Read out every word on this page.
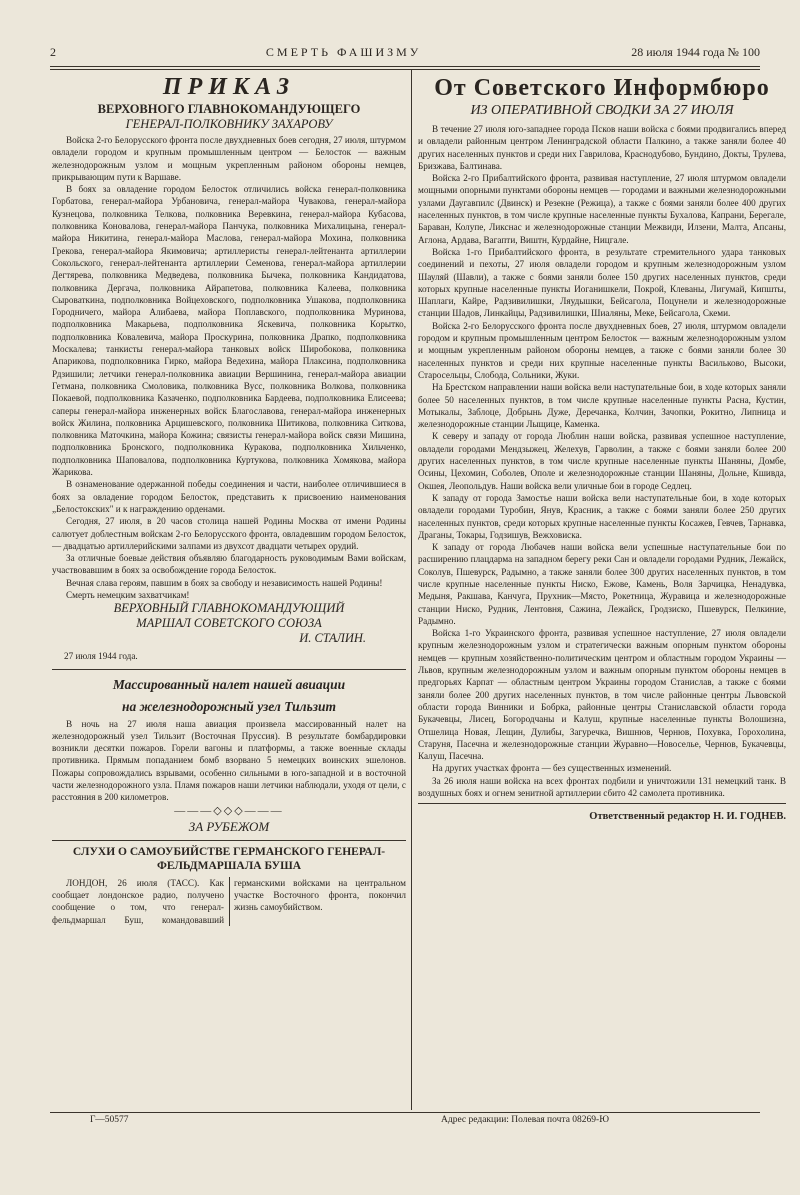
2	СМЕРТЬ ФАШИЗМУ	28 июля 1944 года № 100
ПРИКАЗ
ВЕРХОВНОГО ГЛАВНОКОМАНДУЮЩЕГО
ГЕНЕРАЛ-ПОЛКОВНИКУ ЗАХАРОВУ

Войска 2-го Белорусского фронта после двухдневных боев сегодня, 27 июля, штурмом овладели городом и крупным промышленным центром — Белосток — важным железнодорожным узлом и мощным укрепленным районом обороны немцев, прикрывающим пути к Варшаве.

В боях за овладение городом Белосток отличились войска генерал-полковника Горбатова, генерал-майора Урбановича, генерал-майора Чуваковa, генерал-майора Кузнецова, полковника Телкова, полковника Веревкина, генерал-майора Кубасова, полковника Коновалова, генерал-майора Панчука, полковника Михалицына, генерал-майора Никитина, генерал-майора Маслова, генерал-майора Мохина, полковника Грекова, генерал-майора Якимовича; артиллеристы генерал-лейтенанта артиллерии Сокольского, генерал-лейтенанта артиллерии Семенова, генерал-майора артиллерии Дегтярева, полковника Медведева, полковника Бычека, полковника Кандидатова, полковника Дергача, полковника Айрапетова, полковника Калеева, полковника Сыроваткина, подполковника Войцеховского, подполковника Ушакова, подполковника Городничего, майора Алибаева, майора Поплавского, подполковника Муриновa, подполковника Макарьева, подполковника Яскевича, полковника Корытко, подполковника Ковалевича, майора Проскурина, полковника Драпко, подполковника Москалева; танкисты генерал-майора танковых войск Широбокова, полковника Апарикова, подполковника Гирко, майора Ведехина, майора Плаксина, подполковника Рдзишили; летчики генерал-полковника авиации Вершинина, генерал-майора авиации Гетмана, полковника Смоловика, полковника Вусс, полковника Волкова, полковника Покаевой, подполковника Казаченко, подполковника Бардеева, подполковника Елисеева; саперы генерал-майора инженерных войск Благославова, генерал-майора инженерных войск Жилина, полковника Арцишевского, полковника Шитикова, полковника Ситкова, полковника Маточкина, майора Кожина; связисты генерал-майора войск связи Мишина, подполковника Бронского, подполковника Куракова, подполковника Хильченко, подполковника Шаповалова, подполковника Куртукова, полковника Хомякова, майора Жарикова.

В ознаменование одержанной победы соединения и части, наиболее отличившиеся в боях за овладение городом Белосток, представить к присвоению наименования „Белостокских" и к награждению орденами.

Сегодня, 27 июля, в 20 часов столица нашей Родины Москва от имени Родины салютует доблестным войскам 2-го Белорусского фронта, овладевшим городом Белосток, — двадцатью артиллерийскими залпами из двухсот двадцати четырех орудий.

За отличные боевые действия объявляю благодарность руководимым Вами войскам, участвовавшим в боях за освобождение города Белосток.

Вечная слава героям, павшим в боях за свободу и независимость нашей Родины!

Смерть немецким захватчикам!

ВЕРХОВНЫЙ ГЛАВНОКОМАНДУЮЩИЙ
МАРШАЛ СОВЕТСКОГО СОЮЗА
И. СТАЛИН.
27 июля 1944 года.
Массированный налет нашей авиации
на железнодорожный узел Тильзит

В ночь на 27 июля наша авиация произвела массированный налет на железнодорожный узел Тильзит (Восточная Пруссия). В результате бомбардировки возникли десятки пожаров. Горели вагоны и платформы, а также военные склады противника. Прямым попаданием бомб взорвано 5 немецких воинских эшелонов. Пожары сопровождались взрывами, особенно сильными в юго-западной и в восточной части железнодорожного узла. Пламя пожаров наши летчики наблюдали, уходя от цели, с расстояния в 200 километров.

———◇◇◇———
ЗА РУБЕЖОМ
СЛУХИ О САМОУБИЙСТВЕ ГЕРМАНСКОГО ГЕНЕРАЛ-
ФЕЛЬДМАРШАЛА БУША

ЛОНДОН, 26 июля (ТАСС). Как сообщает лондонское радио, получено сообщение о том, что генерал-фельдмаршал Буш, командовавший германскими войсками на центральном участке Восточного фронта, покончил жизнь самоубийством.

От Советского Информбюро
ИЗ ОПЕРАТИВНОЙ СВОДКИ ЗА 27 ИЮЛЯ

В течение 27 июля юго-западнее города Псков наши войска с боями продвигались вперед и овладели районным центром Ленинградской области Палкино, а также заняли более 40 других населенных пунктов и среди них Гаврилова, Краснодубово, Бундино, Докты, Трулева, Бризжава, Балтинава.

Войска 2-го Прибалтийского фронта, развивая наступление, 27 июля штурмом овладели мощными опорными пунктами обороны немцев — городами и важными железнодорожными узлами Даугавпилс (Двинск) и Резекне (Режица), а также с боями заняли более 400 других населенных пунктов, в том числе крупные населенные пункты Бухалова, Капрани, Берегале, Бараван, Колупе, Ликснас и железнодорожные станции Межвиди, Илзени, Малта, Апсаны, Аглона, Ардава, Вагапти, Виштн, Курдайне, Ницгале.

Войска 1-го Прибалтийского фронта, в результате стремительного удара танковых соединений и пехоты, 27 июля овладели городом и крупным железнодорожным узлом Шауляй (Шавли), а также с боями заняли более 150 других населенных пунктов, среди которых крупные населенные пункты Иоганишкели, Покрой, Клеваны, Лигумай, Кипшты, Шаплаги, Кайре, Радзивилишки, Ляудышки, Бейсагола, Поцунели и железнодорожные станции Шадов, Линкайцы, Радзивилишки, Шиаляны, Меке, Бейсагола, Скеми.

Войска 2-го Белорусского фронта после двухдневных боев, 27 июля, штурмом овладели городом и крупным промышленным центром Белосток — важным железнодорожным узлом и мощным укрепленным районом обороны немцев, а также с боями заняли более 30 населенных пунктов и среди них крупные населенные пункты Васильково, Высоки, Старосельцы, Слобода, Сольники, Жуки.

На Брестском направлении наши войска вели наступательные бои, в ходе которых заняли более 50 населенных пунктов, в том числе крупные населенные пункты Расна, Кустин, Мотыкалы, Заблоце, Добрынь Дуже, Деречанка, Колчин, Зачопки, Рокитно, Липница и железнодорожные станции Лыщице, Каменка.

К северу и западу от города Люблин наши войска, развивая успешное наступление, овладели городами Мендзыжец, Желехув, Гарволин, а также с боями заняли более 200 других населенных пунктов, в том числе крупные населенные пункты Шаняны, Домбе, Осины, Цехомин, Соболев, Ополе и железнодорожные станции Шаняны, Дольне, Кшивда, Окшея, Леопольдув. Наши войска вели уличные бои в городе Седлец.

К западу от города Замостье наши войска вели наступательные бои, в ходе которых овладели городами Туробин, Янув, Красник, а также с боями заняли более 250 других населенных пунктов, среди которых крупные населенные пункты Косажев, Гевчев, Тарнавка, Драганы, Токары, Годзишув, Вежховиска.

К западу от города Любачев наши войска вели успешные наступательные бои по расширению плацдарма на западном берегу реки Сан и овладели городами Рудник, Лежайск, Соколув, Пшевурск, Радымно, а также заняли более 300 других населенных пунктов, в том числе крупные населенные пункты Ниско, Ежове, Камень, Воля Зарчицка, Ненадувка, Медыня, Ракшава, Канчуга, Прухник—Място, Рокетница, Журавица и железнодорожные станции Ниско, Рудник, Лентовня, Сажина, Лежайск, Гродзиско, Пшевурск, Пелкиние, Радымно.

Войска 1-го Украинского фронта, развивая успешное наступление, 27 июля овладели крупным железнодорожным узлом и стратегически важным опорным пунктом обороны немцев — крупным хозяйственно-политическим центром и областным городом Украины — Львов, крупным железнодорожным узлом и важным опорным пунктом обороны немцев в предгорьях Карпат — областным центром Украины городом Станислав, а также с боями заняли более 200 других населенных пунктов, в том числе районные центры Львовской области города Винники и Бобрка, районные центры Станиславской области города Букачевцы, Лисец, Богородчаны и Калуш, крупные населенные пункты Волошизна, Отшелица Новая, Лещин, Дулибы, Загуречка, Вишнюв, Чернюв, Похувка, Гороxолина, Старуня, Пасечна и железнодорожные станции Журавно—Новоселье, Чернюв, Букачевцы, Калуш, Пасечна.

На других участках фронта — без существенных изменений.

За 26 июля наши войска на всех фронтах подбили и уничтожили 131 немецкий танк. В воздушных боях и огнем зенитной артиллерии сбито 42 самолета противника.

Ответственный редактор Н. И. ГОДНЕВ.
Г—50577	Адрес редакции: Полевая почта 08269-Ю
